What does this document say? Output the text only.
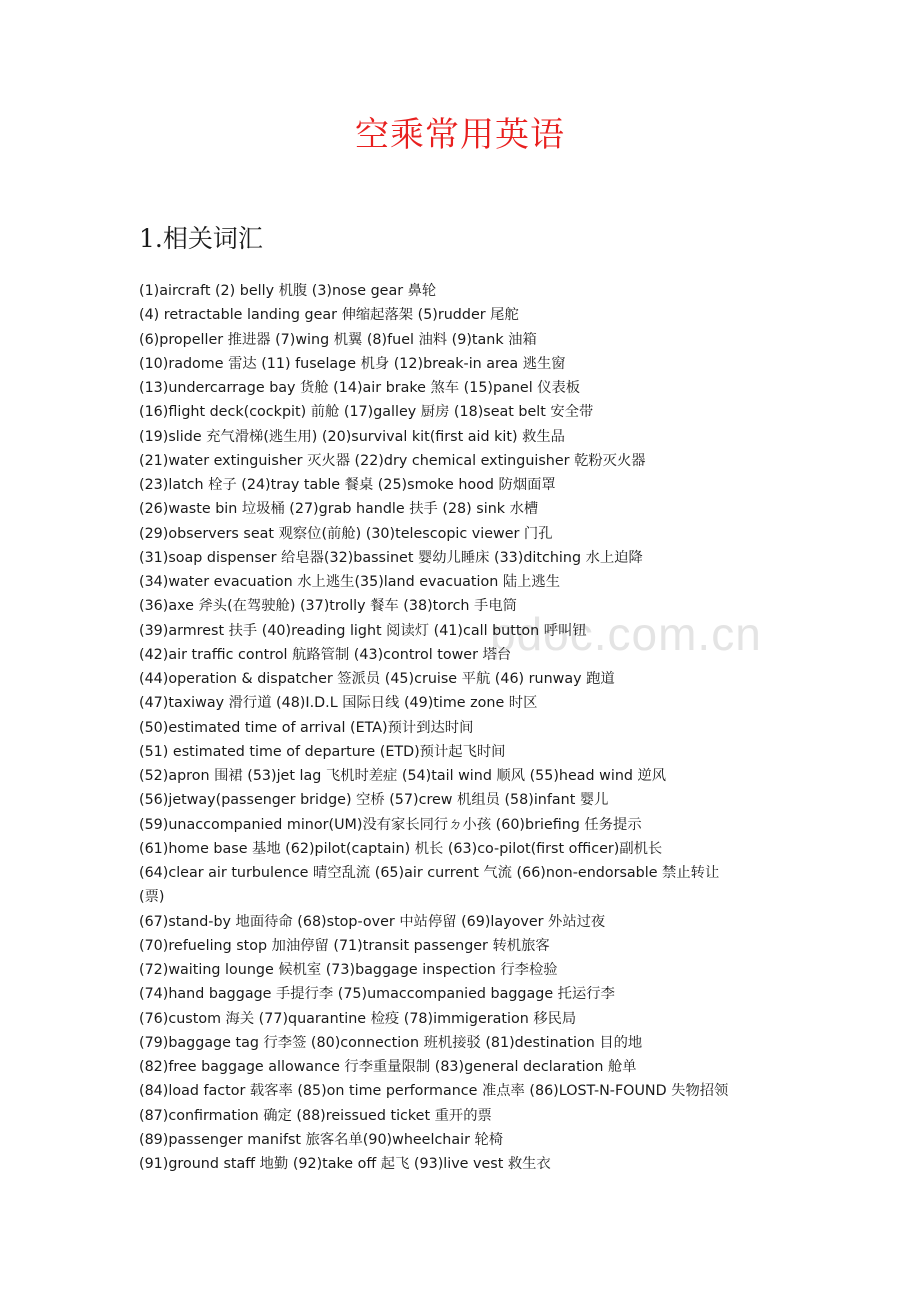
pdoc.com.cn
空乘常用英语
1.相关词汇
(1)aircraft (2) belly 机腹 (3)nose gear 鼻轮
(4) retractable landing gear 伸缩起落架 (5)rudder 尾舵
(6)propeller 推进器 (7)wing 机翼 (8)fuel 油料 (9)tank 油箱
(10)radome 雷达 (11) fuselage 机身 (12)break-in area 逃生窗
(13)undercarrage bay 货舱 (14)air brake 煞车 (15)panel 仪表板
(16)flight deck(cockpit) 前舱 (17)galley 厨房 (18)seat belt 安全带
(19)slide 充气滑梯(逃生用) (20)survival kit(first aid kit) 救生品
(21)water extinguisher 灭火器 (22)dry chemical extinguisher 乾粉灭火器
(23)latch 栓子 (24)tray table 餐桌 (25)smoke hood 防烟面罩
(26)waste bin 垃圾桶 (27)grab handle 扶手 (28) sink 水槽
(29)observers seat 观察位(前舱) (30)telescopic viewer 门孔
(31)soap dispenser 给皂器(32)bassinet 婴幼儿睡床 (33)ditching 水上迫降
(34)water evacuation 水上逃生(35)land evacuation 陆上逃生
(36)axe 斧头(在驾驶舱) (37)trolly 餐车 (38)torch 手电筒
(39)armrest 扶手 (40)reading light 阅读灯 (41)call button 呼叫钮
(42)air traffic control 航路管制 (43)control tower 塔台
(44)operation & dispatcher 签派员 (45)cruise 平航 (46) runway 跑道
(47)taxiway 滑行道 (48)I.D.L 国际日线 (49)time zone 时区
(50)estimated time of arrival (ETA)预计到达时间
(51) estimated time of departure (ETD)预计起飞时间
(52)apron 围裙 (53)jet lag 飞机时差症 (54)tail wind 顺风 (55)head wind 逆风
(56)jetway(passenger bridge) 空桥 (57)crew 机组员 (58)infant 婴儿
(59)unaccompanied minor(UM)没有家长同行ㄉ小孩 (60)briefing 任务提示
(61)home base 基地 (62)pilot(captain) 机长 (63)co-pilot(first officer)副机长
(64)clear air turbulence 晴空乱流 (65)air current 气流 (66)non-endorsable 禁止转让
(票)
(67)stand-by 地面待命 (68)stop-over 中站停留 (69)layover 外站过夜
(70)refueling stop 加油停留 (71)transit passenger 转机旅客
(72)waiting lounge 候机室 (73)baggage inspection 行李检验
(74)hand baggage 手提行李 (75)umaccompanied baggage 托运行李
(76)custom 海关 (77)quarantine 检疫 (78)immigeration 移民局
(79)baggage tag 行李签 (80)connection 班机接驳 (81)destination 目的地
(82)free baggage allowance 行李重量限制 (83)general declaration 舱单
(84)load factor 载客率 (85)on time performance 准点率 (86)LOST-N-FOUND 失物招领
(87)confirmation 确定 (88)reissued ticket 重开的票
(89)passenger manifst 旅客名单(90)wheelchair 轮椅
(91)ground staff 地勤 (92)take off 起飞 (93)live vest 救生衣
